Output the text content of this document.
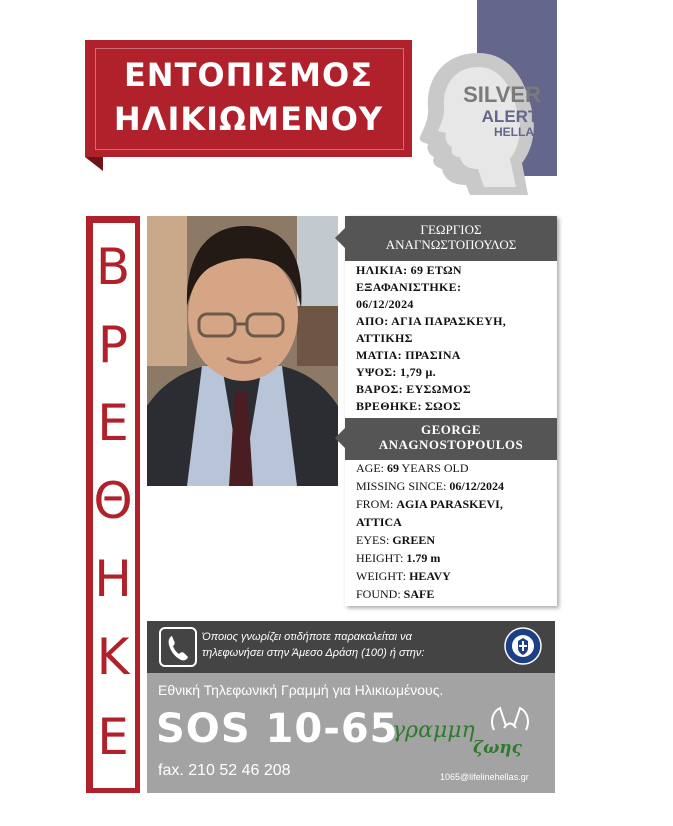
ΕΝΤΟΠΙΣΜΟΣ
ΗΛΙΚΙΩΜΕΝΟΥ
SILVER
ALERT
HELLAS
Β
Ρ
Ε
Θ
Η
Κ
Ε
ΓΕΩΡΓΙΟΣ
ΑΝΑΓΝΩΣΤΟΠΟΥΛΟΣ
ΗΛΙΚΙΑ: 69 ΕΤΩΝ
ΕΞΑΦΑΝΙΣΤΗΚΕ:
06/12/2024
ΑΠΟ: ΑΓΙΑ ΠΑΡΑΣΚΕΥΗ,
ΑΤΤΙΚΗΣ
ΜΑΤΙΑ: ΠΡΑΣΙΝΑ
ΥΨΟΣ: 1,79 μ.
ΒΑΡΟΣ: ΕΥΣΩΜΟΣ
ΒΡΕΘΗΚΕ: ΣΩΟΣ
GEORGE
ANAGNOSTOPOULOS
AGE: 69 YEARS OLD
MISSING SINCE: 06/12/2024
FROM: AGIA PARASKEVI,
ATTICA
EYES: GREEN
HEIGHT: 1.79 m
WEIGHT: HEAVY
FOUND: SAFE
Όποιος γνωρίζει οτιδήποτε παρακαλείται να
τηλεφωνήσει στην Άμεσο Δράση (100) ή στην:
Εθνική Τηλεφωνική Γραμμή για Ηλικιωμένους.
SOS 10-65
fax. 210 52 46 208	1065@lifelinehellas.gr
γραμμη
ζωης
